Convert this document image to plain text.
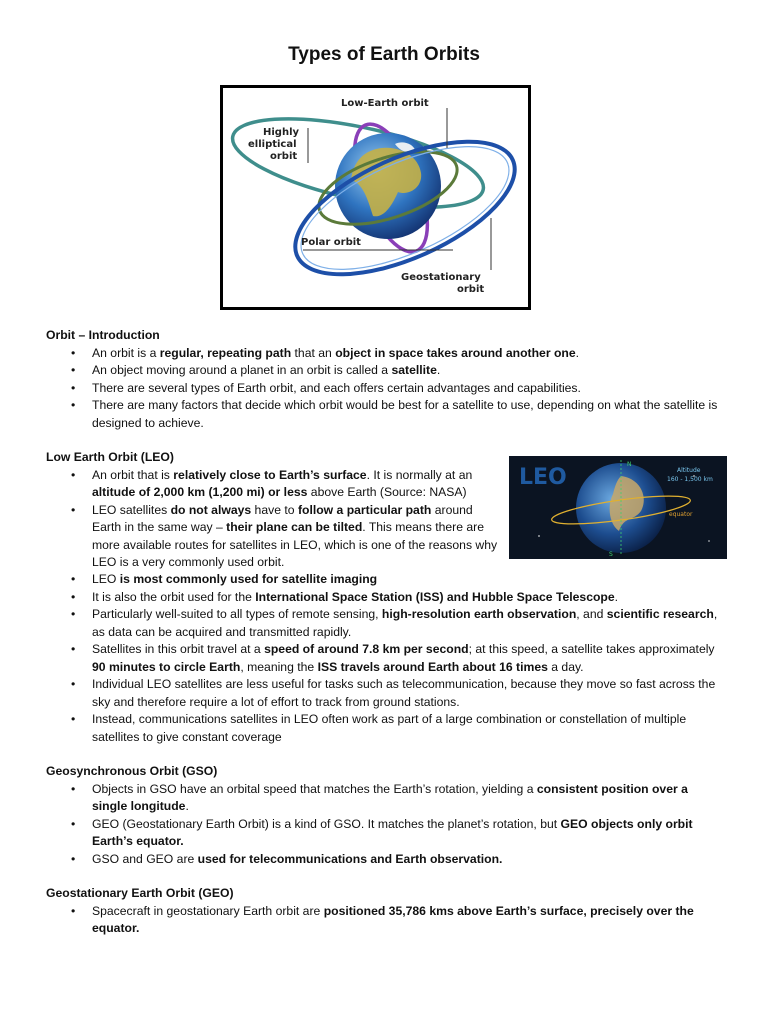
Types of Earth Orbits
Low-Earth orbit
Highly
elliptical
orbit
Polar orbit
Geostationary
orbit
LEO
N
S
Altitude
160 - 1,500 km
equator
Orbit – Introduction
• An orbit is a regular, repeating path that an object in space takes around another one.
• An object moving around a planet in an orbit is called a satellite.
• There are several types of Earth orbit, and each offers certain advantages and capabilities.
• There are many factors that decide which orbit would be best for a satellite to use, depending on what the satellite is designed to achieve.
Low Earth Orbit (LEO)
• An orbit that is relatively close to Earth’s surface. It is normally at an altitude of 2,000 km (1,200 mi) or less above Earth (Source: NASA)
• LEO satellites do not always have to follow a particular path around Earth in the same way – their plane can be tilted. This means there are more available routes for satellites in LEO, which is one of the reasons why LEO is a very commonly used orbit.
• LEO is most commonly used for satellite imaging
• It is also the orbit used for the International Space Station (ISS) and Hubble Space Telescope.
• Particularly well-suited to all types of remote sensing, high-resolution earth observation, and scientific research, as data can be acquired and transmitted rapidly.
• Satellites in this orbit travel at a speed of around 7.8 km per second; at this speed, a satellite takes approximately 90 minutes to circle Earth, meaning the ISS travels around Earth about 16 times a day.
• Individual LEO satellites are less useful for tasks such as telecommunication, because they move so fast across the sky and therefore require a lot of effort to track from ground stations.
• Instead, communications satellites in LEO often work as part of a large combination or constellation of multiple satellites to give constant coverage
Geosynchronous Orbit (GSO)
• Objects in GSO have an orbital speed that matches the Earth’s rotation, yielding a consistent position over a single longitude.
• GEO (Geostationary Earth Orbit) is a kind of GSO. It matches the planet’s rotation, but GEO objects only orbit Earth’s equator.
• GSO and GEO are used for telecommunications and Earth observation.
Geostationary Earth Orbit (GEO)
• Spacecraft in geostationary Earth orbit are positioned 35,786 kms above Earth’s surface, precisely over the equator.
